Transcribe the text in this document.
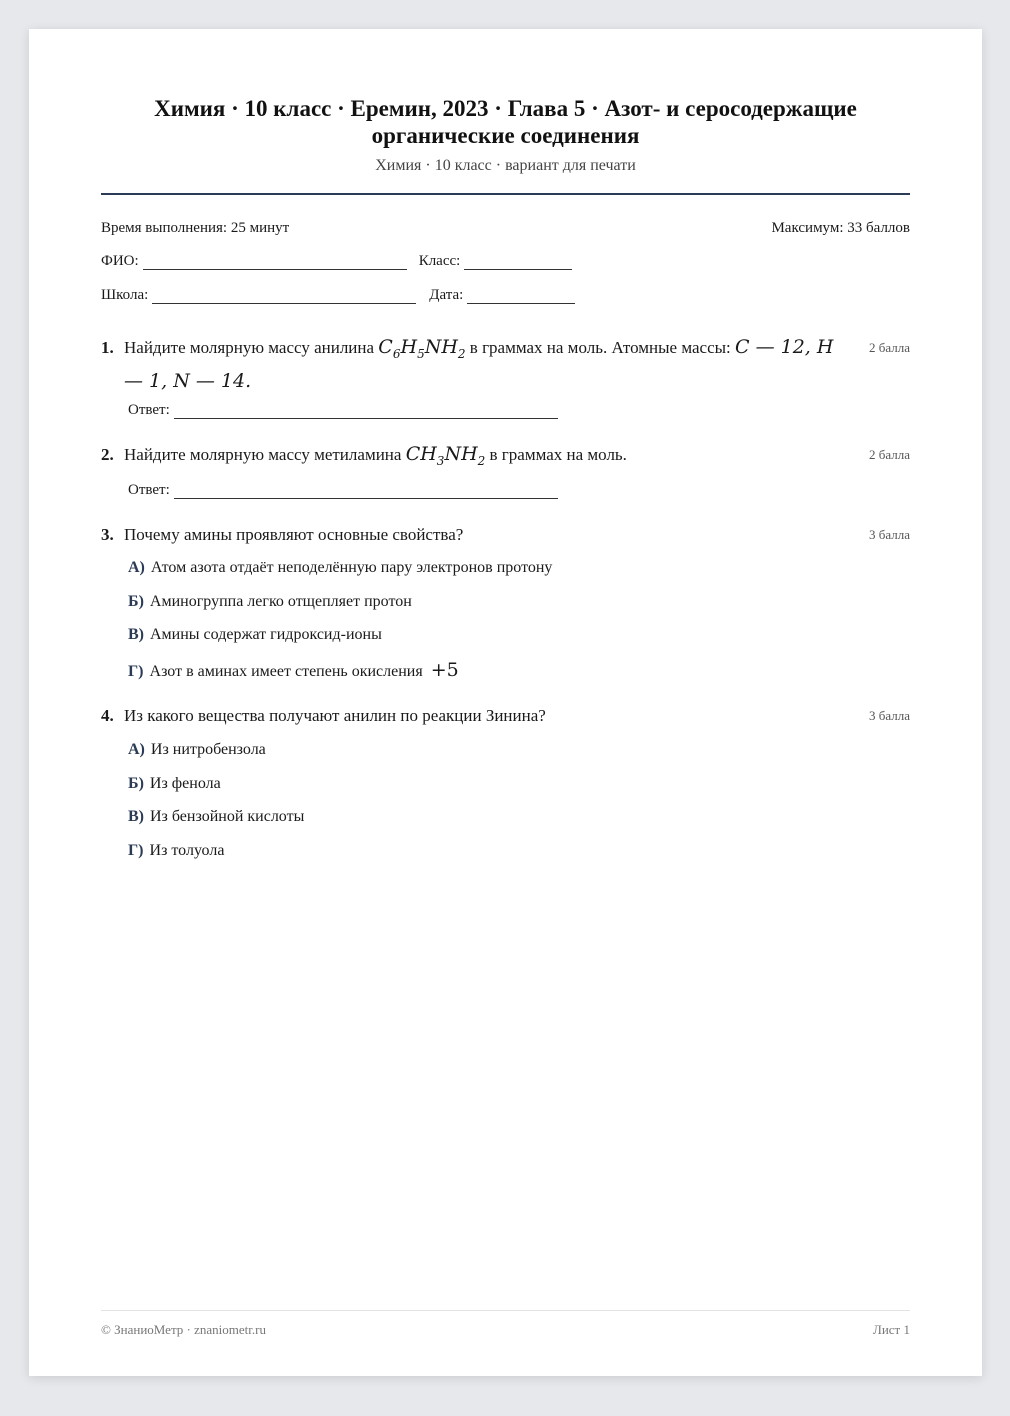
Химия · 10 класс · Еремин, 2023 · Глава 5 · Азот- и серосодержащие органические соединения
Химия · 10 класс · вариант для печати
Время выполнения: 25 минут	Максимум: 33 баллов
ФИО:	Класс:
Школа:	Дата:
1. Найдите молярную массу анилина $C_6H_5NH_2$ в граммах на моль. Атомные массы: C — 12, H — 1, N — 14.
2 балла
Ответ:
2. Найдите молярную массу метиламина $CH_3NH_2$ в граммах на моль.	2 балла
Ответ:
3. Почему амины проявляют основные свойства?	3 балла
А) Атом азота отдаёт неподелённую пару электронов протону
Б) Аминогруппа легко отщепляет протон
В) Амины содержат гидроксид-ионы
Г) Азот в аминах имеет степень окисления +5
4. Из какого вещества получают анилин по реакции Зинина?	3 балла
А) Из нитробензола
Б) Из фенола
В) Из бензойной кислоты
Г) Из толуола
© ЗнаниоМетр · znaniometr.ru	Лист 1
